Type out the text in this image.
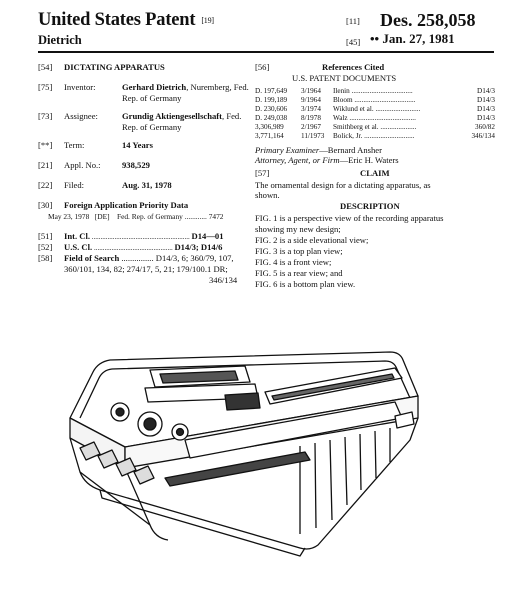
United States Patent [19]
Dietrich
[11] Des. 258,058
[45] •• Jan. 27, 1981
[54] DICTATING APPARATUS
[75] Inventor:	Gerhard Dietrich, Nuremberg, Fed.
Rep. of Germany
[73] Assignee:	Grundig Aktiengesellschaft, Fed.
Rep. of Germany
[**] Term:	14 Years
[21] Appl. No.: 938,529
[22] Filed:	Aug. 31, 1978
[30] Foreign Application Priority Data
May 23, 1978   [DE]    Fed. Rep. of Germany ............ 7472
[51] Int. Cl. ........................................................ D14—01
[52] U.S. Cl. ............................................. D14/3; D14/6
[58] Field of Search ............... D14/3, 6; 360/79, 107,
360/101, 134, 82; 274/17, 5, 21; 179/100.1 DR;
346/134
[56]	References Cited
U.S. PATENT DOCUMENTS
D. 197,649 3/1964 Ilenin ..................................	D14/3
D. 199,189 9/1964 Bloom ..................................	D14/3
D. 230,606 3/1974 Wiklund et al. .........................	D14/3
D. 249,038 8/1978 Walz .....................................	D14/3
3,306,989 2/1967 Smithberg et al. ....................	360/82
3,771,164 11/1973 Bolick, Jr. ............................	346/134
Primary Examiner—Bernard Ansher
Attorney, Agent, or Firm—Eric H. Waters
[57]	CLAIM
The ornamental design for a dictating apparatus, as
shown.
DESCRIPTION

FIG. 1 is a perspective view of the recording apparatus

showing my new design;

FIG. 2 is a side elevational view;

FIG. 3 is a top plan view;

FIG. 4 is a front view;

FIG. 5 is a rear view; and

FIG. 6 is a bottom plan view.
